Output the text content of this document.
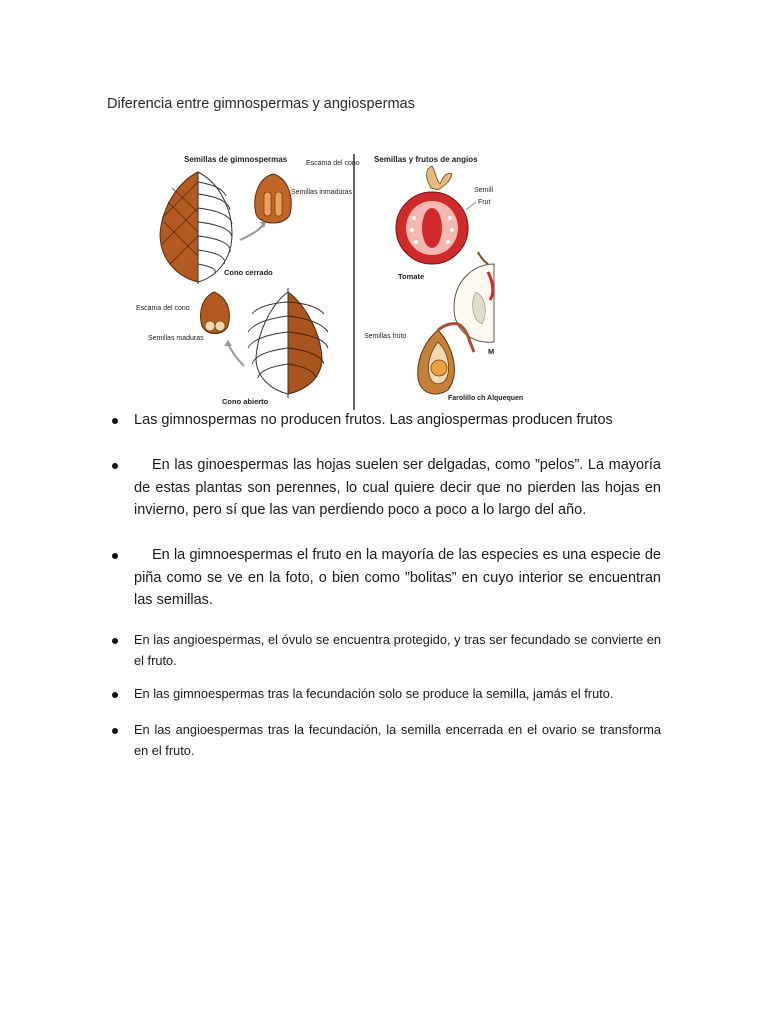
Diferencia entre gimnospermas y angiospermas
Semillas de gimnospermas	Escama del cono
Semillas inmaduras
Cono cerrado
Escama del cono
Semillas maduras
Cono abierto
Semillas y frutos de angios
Tomate
Semill
Frut
M
Semillas fruto
Farolillo ch Alquequen
Las gimnospermas no producen frutos. Las angiospermas producen frutos
En las ginoespermas las hojas suelen ser delgadas, como ”pelos”. La mayoría de estas plantas son perennes, lo cual quiere decir que no pierden las hojas en invierno, pero sí que las van perdiendo poco a poco a lo largo del año.
En la gimnoespermas el fruto en la mayoría de las especies es una especie de piña como se ve en la foto, o bien como ”bolitas” en cuyo interior se encuentran las semillas.
En las angioespermas, el óvulo se encuentra protegido, y tras ser fecundado se convierte en el fruto.
En las gimnoespermas tras la fecundación solo se produce la semilla, jamás el fruto.
En las angioespermas tras la fecundación, la semilla encerrada en el ovario se transforma en el fruto.
